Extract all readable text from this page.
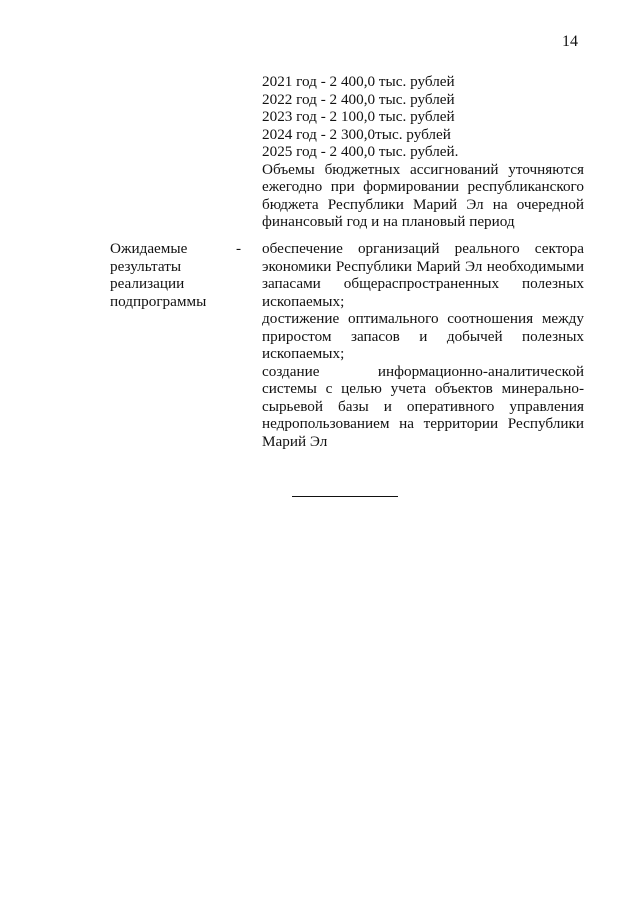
14
2021 год - 2 400,0 тыс. рублей
2022 год - 2 400,0 тыс. рублей
2023 год - 2 100,0 тыс. рублей
2024 год - 2 300,0тыс. рублей
2025 год - 2 400,0 тыс. рублей.
Объемы бюджетных ассигнований уточняются
ежегодно при формировании республиканского
бюджета Республики Марий Эл на очередной
финансовый год и на плановый период
Ожидаемые
результаты
реализации
подпрограммы
- обеспечение организаций реального сектора
экономики Республики Марий Эл необходимыми
запасами общераспространенных полезных
ископаемых;
достижение оптимального соотношения между
приростом запасов и добычей полезных
ископаемых;
создание информационно-аналитической
системы с целью учета объектов минерально-
сырьевой базы и оперативного управления
недропользованием на территории Республики
Марий Эл
